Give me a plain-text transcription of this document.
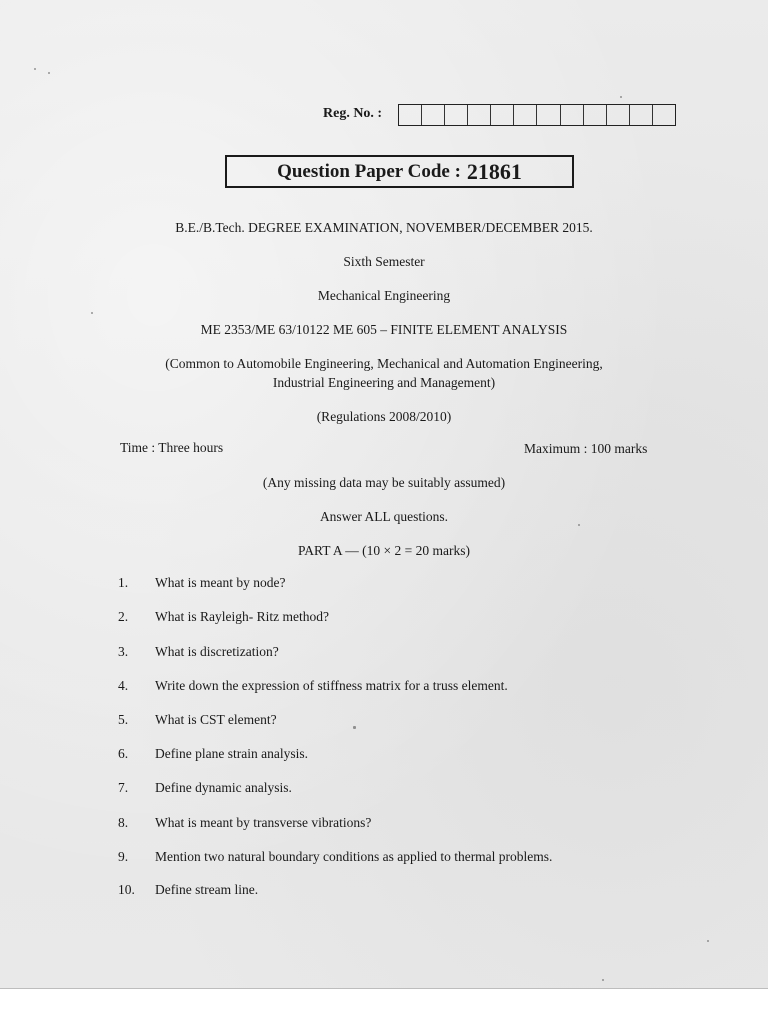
Reg. No. :
Question Paper Code : 21861
B.E./B.Tech. DEGREE EXAMINATION, NOVEMBER/DECEMBER 2015.
Sixth Semester
Mechanical Engineering
ME 2353/ME 63/10122 ME 605 – FINITE ELEMENT ANALYSIS
(Common to Automobile Engineering, Mechanical and Automation Engineering,
Industrial Engineering and Management)
(Regulations 2008/2010)
Time : Three hours	Maximum : 100 marks
(Any missing data may be suitably assumed)
Answer ALL questions.
PART A — (10 × 2 = 20 marks)
1.	What is meant by node?
2.	What is Rayleigh- Ritz method?
3.	What is discretization?
4.	Write down the expression of stiffness matrix for a truss element.
5.	What is CST element?
6.	Define plane strain analysis.
7.	Define dynamic analysis.
8.	What is meant by transverse vibrations?
9.	Mention two natural boundary conditions as applied to thermal problems.
10.	Define stream line.
